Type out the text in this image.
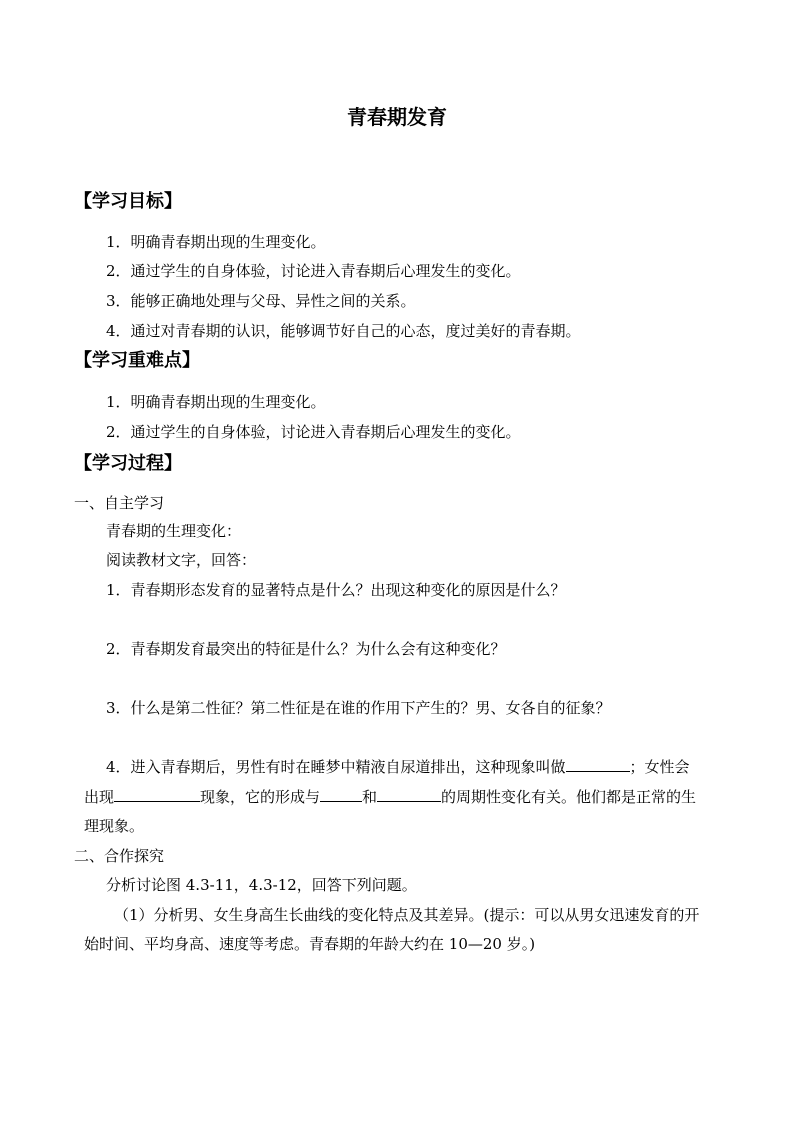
青春期发育
【学习目标】
1．明确青春期出现的生理变化。
2．通过学生的自身体验，讨论进入青春期后心理发生的变化。
3．能够正确地处理与父母、异性之间的关系。
4．通过对青春期的认识，能够调节好自己的心态，度过美好的青春期。
【学习重难点】
1．明确青春期出现的生理变化。
2．通过学生的自身体验，讨论进入青春期后心理发生的变化。
【学习过程】
一、自主学习
青春期的生理变化：
阅读教材文字，回答：
1．青春期形态发育的显著特点是什么？出现这种变化的原因是什么？
2．青春期发育最突出的特征是什么？为什么会有这种变化？
3．什么是第二性征？第二性征是在谁的作用下产生的？男、女各自的征象？
4．进入青春期后，男性有时在睡梦中精液自尿道排出，这种现象叫做	；女性会
出现	现象，它的形成与	和	的周期性变化有关。他们都是正常的生
理现象。
二、合作探究
分析讨论图 4.3-11，4.3-12，回答下列问题。
（1）分析男、女生身高生长曲线的变化特点及其差异。(提示：可以从男女迅速发育的开
始时间、平均身高、速度等考虑。青春期的年龄大约在 10—20 岁。)
